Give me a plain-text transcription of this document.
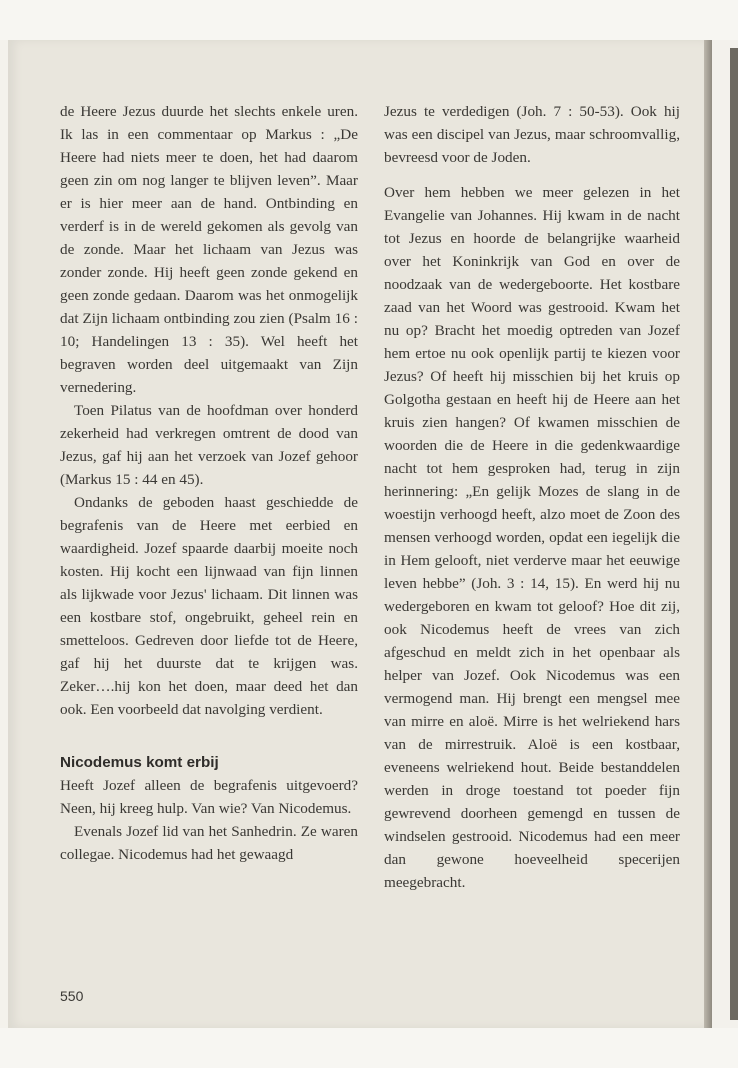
de Heere Jezus duurde het slechts enkele uren. Ik las in een commentaar op Markus : „De Heere had niets meer te doen, het had daarom geen zin om nog langer te blijven leven”. Maar er is hier meer aan de hand. Ontbinding en verderf is in de wereld gekomen als gevolg van de zonde. Maar het lichaam van Jezus was zonder zonde. Hij heeft geen zonde gekend en geen zonde gedaan. Daarom was het onmogelijk dat Zijn lichaam ontbinding zou zien (Psalm 16 : 10; Handelingen 13 : 35). Wel heeft het begraven worden deel uitgemaakt van Zijn vernedering.

Toen Pilatus van de hoofdman over honderd zekerheid had verkregen omtrent de dood van Jezus, gaf hij aan het verzoek van Jozef gehoor (Markus 15 : 44 en 45).

Ondanks de geboden haast geschiedde de begrafenis van de Heere met eerbied en waardigheid. Jozef spaarde daarbij moeite noch kosten. Hij kocht een lijnwaad van fijn linnen als lijkwade voor Jezus' lichaam. Dit linnen was een kostbare stof, ongebruikt, geheel rein en smetteloos. Gedreven door liefde tot de Heere, gaf hij het duurste dat te krijgen was. Zeker….hij kon het doen, maar deed het dan ook. Een voorbeeld dat navolging verdient.

Nicodemus komt erbij

Heeft Jozef alleen de begrafenis uitgevoerd? Neen, hij kreeg hulp. Van wie? Van Nicodemus.

Evenals Jozef lid van het Sanhedrin. Ze waren collegae. Nicodemus had het gewaagd

Jezus te verdedigen (Joh. 7 : 50-53). Ook hij was een discipel van Jezus, maar schroomvallig, bevreesd voor de Joden.

Over hem hebben we meer gelezen in het Evangelie van Johannes. Hij kwam in de nacht tot Jezus en hoorde de belangrijke waarheid over het Koninkrijk van God en over de noodzaak van de wedergeboorte. Het kostbare zaad van het Woord was gestrooid. Kwam het nu op? Bracht het moedig optreden van Jozef hem ertoe nu ook openlijk partij te kiezen voor Jezus? Of heeft hij misschien bij het kruis op Golgotha gestaan en heeft hij de Heere aan het kruis zien hangen? Of kwamen misschien de woorden die de Heere in die gedenkwaardige nacht tot hem gesproken had, terug in zijn herinnering: „En gelijk Mozes de slang in de woestijn verhoogd heeft, alzo moet de Zoon des mensen verhoogd worden, opdat een iegelijk die in Hem gelooft, niet verderve maar het eeuwige leven hebbe” (Joh. 3 : 14, 15). En werd hij nu wedergeboren en kwam tot geloof? Hoe dit zij, ook Nicodemus heeft de vrees van zich afgeschud en meldt zich in het openbaar als helper van Jozef. Ook Nicodemus was een vermogend man. Hij brengt een mengsel mee van mirre en aloë. Mirre is het welriekend hars van de mirrestruik. Aloë is een kostbaar, eveneens welriekend hout. Beide bestanddelen werden in droge toestand tot poeder fijn gewrevend doorheen gemengd en tussen de windselen gestrooid. Nicodemus had een meer dan gewone hoeveelheid specerijen meegebracht.

550
